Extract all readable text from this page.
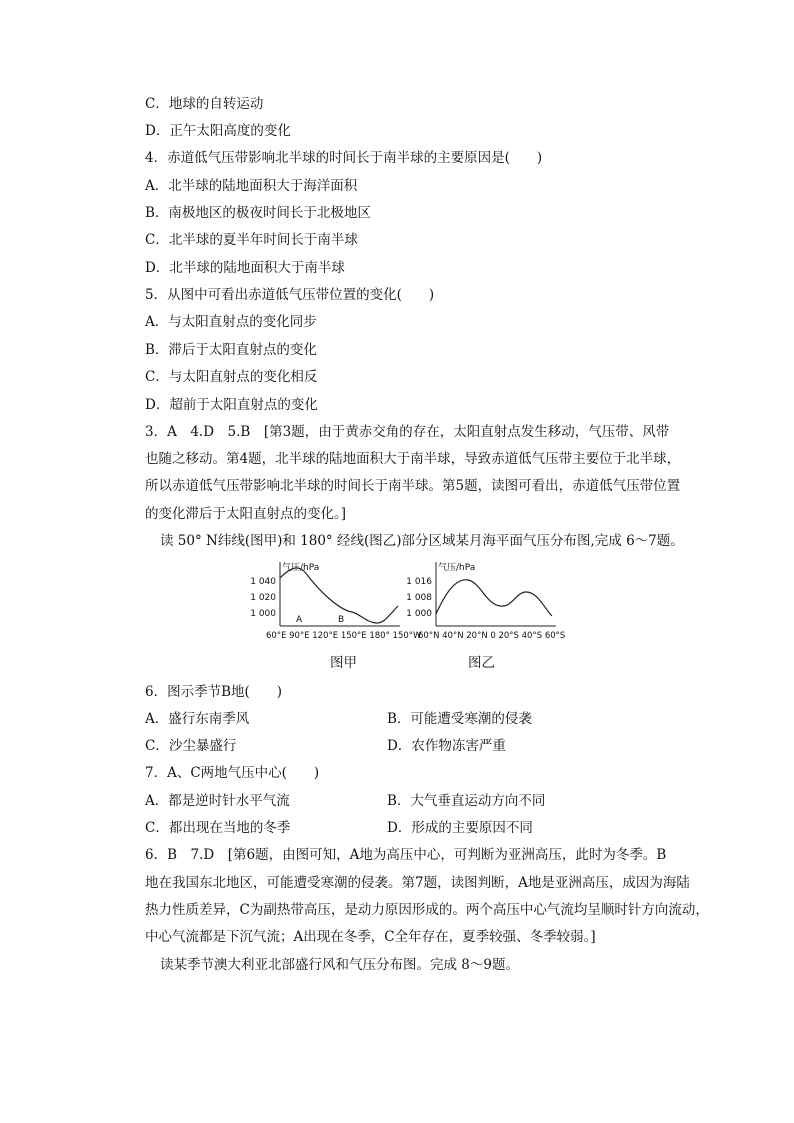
C．地球的自转运动
D．正午太阳高度的变化
4．赤道低气压带影响北半球的时间长于南半球的主要原因是(　　)
A．北半球的陆地面积大于海洋面积
B．南极地区的极夜时间长于北极地区
C．北半球的夏半年时间长于南半球
D．北半球的陆地面积大于南半球
5．从图中可看出赤道低气压带位置的变化(　　)
A．与太阳直射点的变化同步
B．滞后于太阳直射点的变化
C．与太阳直射点的变化相反
D．超前于太阳直射点的变化
3．A　4.D　5.B　[第3题，由于黄赤交角的存在，太阳直射点发生移动，气压带、风带
也随之移动。第4题，北半球的陆地面积大于南半球，导致赤道低气压带主要位于北半球，
所以赤道低气压带影响北半球的时间长于南半球。第5题，读图可看出，赤道低气压带位置
的变化滞后于太阳直射点的变化。]
读 50° N纬线(图甲)和 180° 经线(图乙)部分区域某月海平面气压分布图,完成 6～7题。
气压/hPa
1 040
1 020
1 000
A	B
60°E 90°E 120°E 150°E 180° 150°W
气压/hPa
1 016
1 008
1 000
60°N 40°N 20°N 0 20°S 40°S 60°S
图甲	图乙
6．图示季节B地(　　)
A．盛行东南季风	B．可能遭受寒潮的侵袭
C．沙尘暴盛行	D．农作物冻害严重
7．A、C两地气压中心(　　)
A．都是逆时针水平气流	B．大气垂直运动方向不同
C．都出现在当地的冬季	D．形成的主要原因不同
6．B　7.D　[第6题，由图可知，A地为高压中心，可判断为亚洲高压，此时为冬季。B
地在我国东北地区，可能遭受寒潮的侵袭。第7题，读图判断，A地是亚洲高压，成因为海陆
热力性质差异，C为副热带高压，是动力原因形成的。两个高压中心气流均呈顺时针方向流动，
中心气流都是下沉气流；A出现在冬季，C全年存在，夏季较强、冬季较弱。]
读某季节澳大利亚北部盛行风和气压分布图。完成 8～9题。
